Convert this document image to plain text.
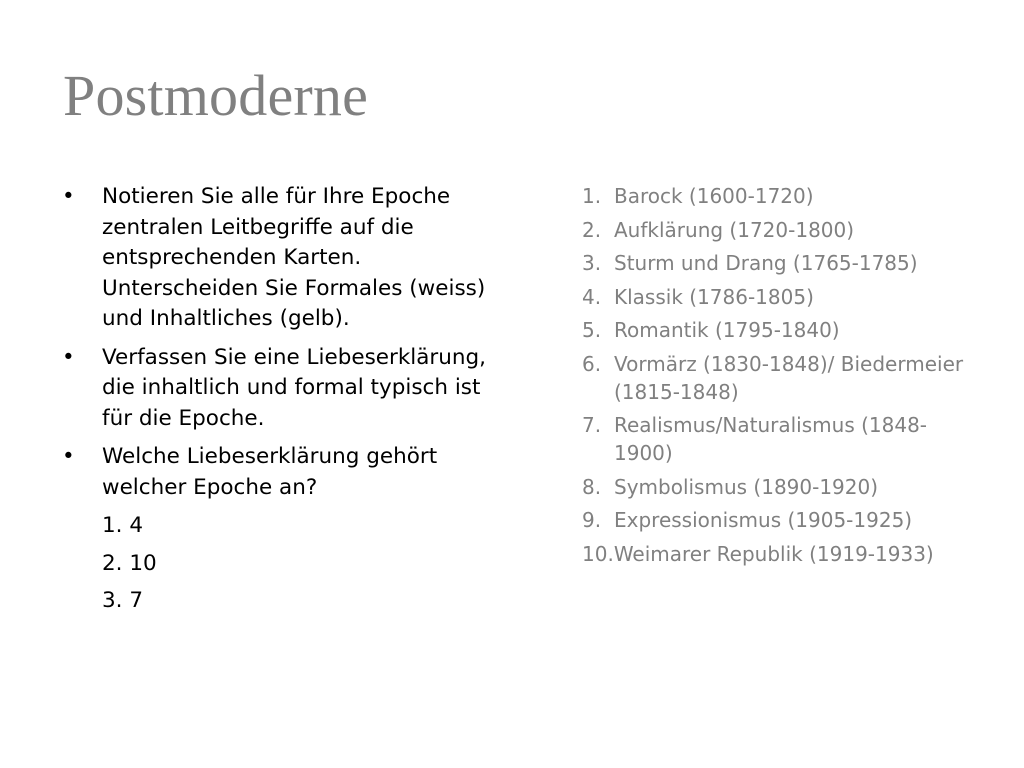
Postmoderne
• Notieren Sie alle für Ihre Epoche zentralen Leitbegriffe auf die entsprechenden Karten. Unterscheiden Sie Formales (weiss) und Inhaltliches (gelb).
• Verfassen Sie eine Liebeserklärung, die inhaltlich und formal typisch ist für die Epoche.
• Welche Liebeserklärung gehört welcher Epoche an?
1. 4
2. 10
3. 7
1. Barock (1600-1720)
2. Aufklärung (1720-1800)
3. Sturm und Drang (1765-1785)
4. Klassik (1786-1805)
5. Romantik (1795-1840)
6. Vormärz (1830-1848)/ Biedermeier (1815-1848)
7. Realismus/Naturalismus (1848-1900)
8. Symbolismus (1890-1920)
9. Expressionismus (1905-1925)
10.Weimarer Republik (1919-1933)
